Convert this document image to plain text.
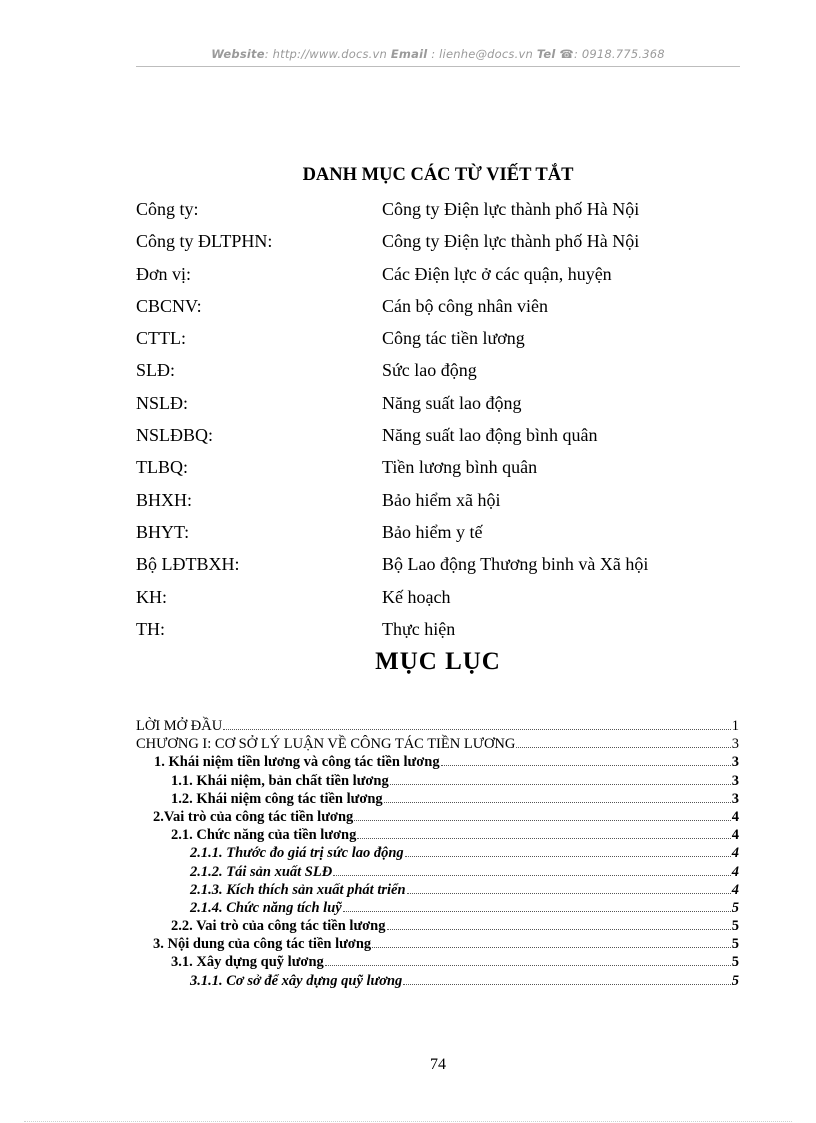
Website: http://www.docs.vn Email : lienhe@docs.vn Tel ☎: 0918.775.368
DANH MỤC CÁC TỪ VIẾT TẮT
Công ty:	Công ty Điện lực thành phố Hà Nội
Công ty ĐLTPHN:	Công ty Điện lực thành phố Hà Nội
Đơn vị:	Các Điện lực ở các quận, huyện
CBCNV:	Cán bộ công nhân viên
CTTL:	Công tác tiền lương
SLĐ:	Sức lao động
NSLĐ:	Năng suất lao động
NSLĐBQ:	Năng suất lao động bình quân
TLBQ:	Tiền lương bình quân
BHXH:	Bảo hiểm xã hội
BHYT:	Bảo hiểm y tế
Bộ LĐTBXH:	Bộ Lao động Thương binh và Xã hội
KH:	Kế hoạch
TH:	Thực hiện
MỤC LỤC
LỜI MỞ ĐẦU	1
CHƯƠNG I: CƠ SỞ LÝ LUẬN VỀ CÔNG TÁC TIỀN LƯƠNG	3
1. Khái niệm tiền lương và công tác tiền lương	3
1.1. Khái niệm, bản chất tiền lương	3
1.2. Khái niệm công tác tiền lương	3
2.Vai trò của công tác tiền lương	4
2.1. Chức năng của tiền lương	4
2.1.1. Thước đo giá trị sức lao động	4
2.1.2. Tái sản xuất SLĐ	4
2.1.3. Kích thích sản xuất phát triển	4
2.1.4. Chức năng tích luỹ	5
2.2. Vai trò của công tác tiền lương	5
3. Nội dung của công tác tiền lương	5
3.1. Xây dựng quỹ lương	5
3.1.1. Cơ sở để xây dựng quỹ lương	5
74
